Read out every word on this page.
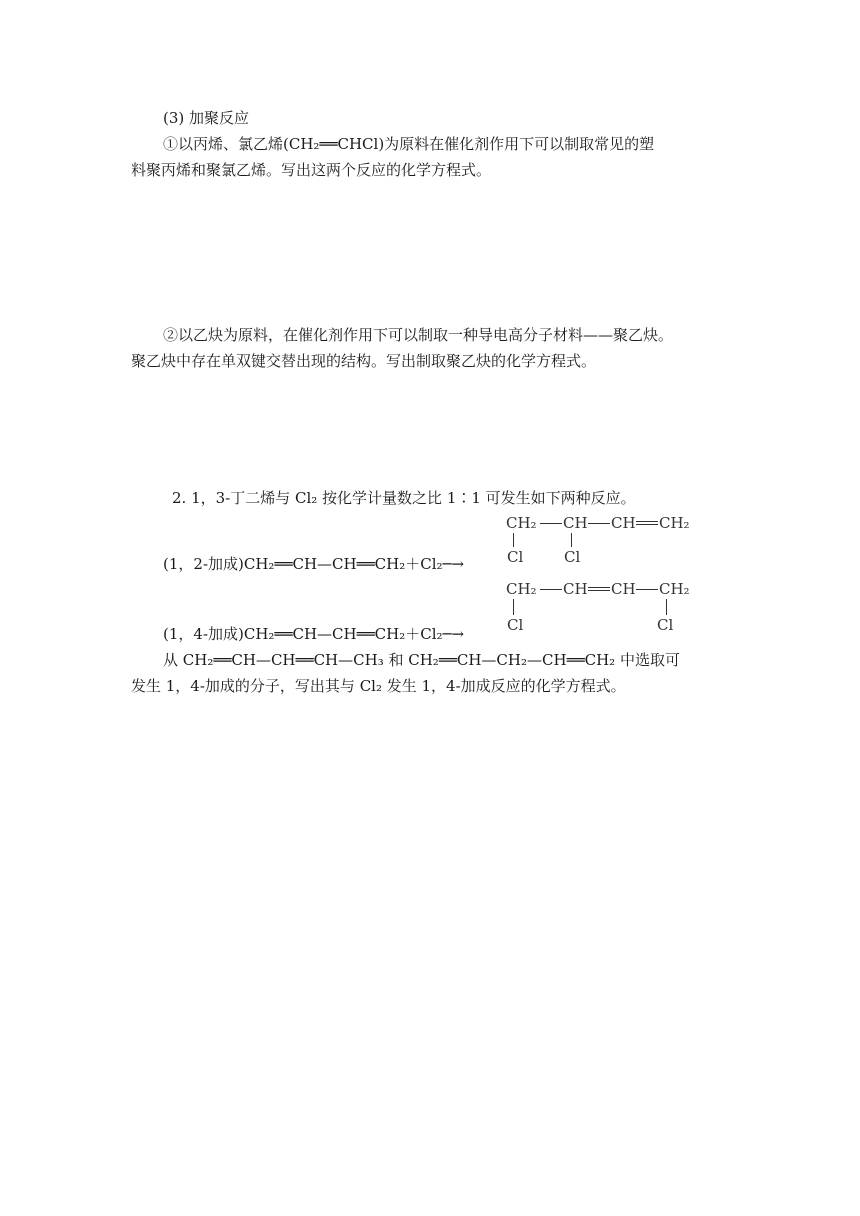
(3) 加聚反应
①以丙烯、氯乙烯(CH₂══CHCl)为原料在催化剂作用下可以制取常见的塑
料聚丙烯和聚氯乙烯。写出这两个反应的化学方程式。
②以乙炔为原料，在催化剂作用下可以制取一种导电高分子材料——聚乙炔。
聚乙炔中存在单双键交替出现的结构。写出制取聚乙炔的化学方程式。
2. 1，3-丁二烯与 Cl₂ 按化学计量数之比 1∶1 可发生如下两种反应。
CH₂ CH CH CH₂
Cl	Cl
(1，2-加成)CH₂══CH—CH══CH₂＋Cl₂─→
CH₂ CH CH CH₂
Cl	Cl
(1，4-加成)CH₂══CH—CH══CH₂＋Cl₂─→
从 CH₂══CH—CH══CH—CH₃ 和 CH₂══CH—CH₂—CH══CH₂ 中选取可
发生 1，4-加成的分子，写出其与 Cl₂ 发生 1，4-加成反应的化学方程式。
